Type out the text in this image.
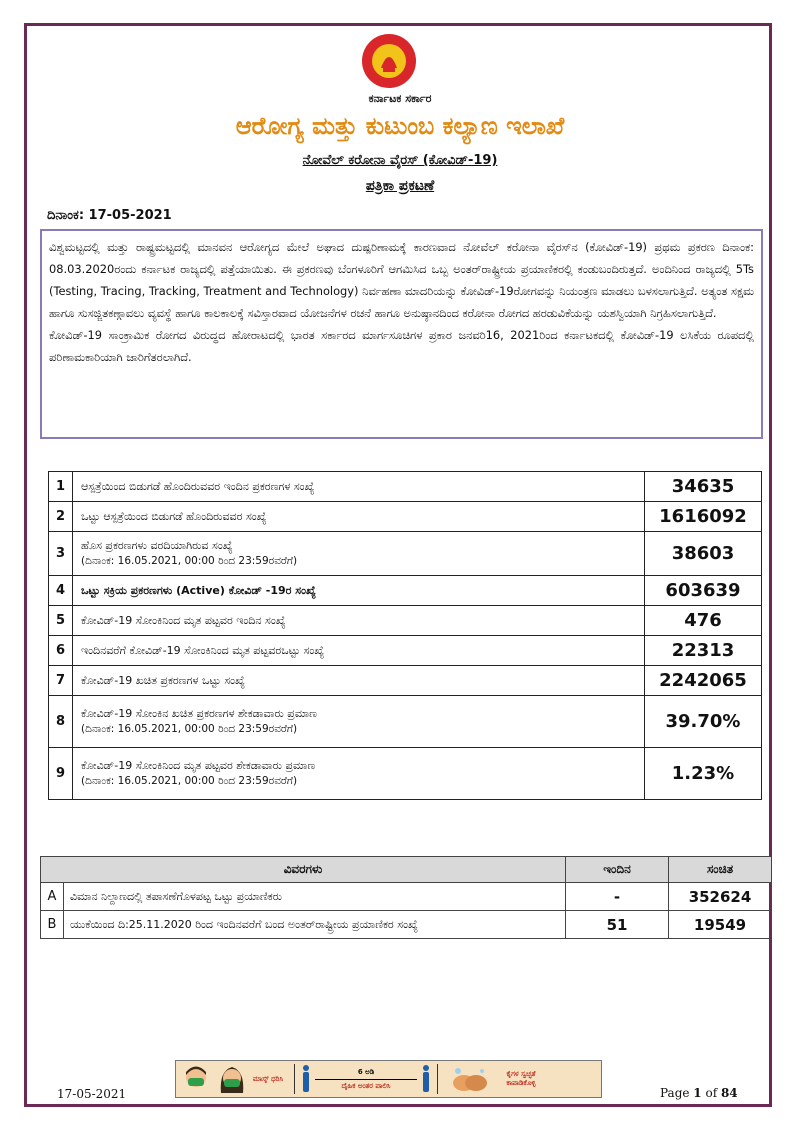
ಕರ್ನಾಟಕ ಸರ್ಕಾರ
ಆರೋಗ್ಯ ಮತ್ತು ಕುಟುಂಬ ಕಲ್ಯಾಣ ಇಲಾಖೆ
ನೋವೆಲ್ ಕರೋನಾ ವೈರಸ್ (ಕೋವಿಡ್-19)
ಪತ್ರಿಕಾ ಪ್ರಕಟಣೆ
ದಿನಾಂಕ: 17-05-2021

ವಿಶ್ವಮಟ್ಟದಲ್ಲಿ ಮತ್ತು ರಾಷ್ಟ್ರಮಟ್ಟದಲ್ಲಿ ಮಾನವನ ಆರೋಗ್ಯದ ಮೇಲೆ ಅಘಾದ ದುಷ್ಪರಿಣಾಮಕ್ಕೆ ಕಾರಣವಾದ ನೋವೆಲ್ ಕರೋನಾ ವೈರಸ್‌ನ (ಕೋವಿಡ್-19) ಪ್ರಥಮ ಪ್ರಕರಣ ದಿನಾಂಕ: 08.03.2020ರಂದು ಕರ್ನಾಟಕ ರಾಜ್ಯದಲ್ಲಿ ಪತ್ತೆಯಾಯಿತು. ಈ ಪ್ರಕರಣವು ಬೆಂಗಳೂರಿಗೆ ಆಗಮಿಸಿದ ಒಬ್ಬ ಅಂತರ್‌ರಾಷ್ಟ್ರೀಯ ಪ್ರಯಾಣಿಕರಲ್ಲಿ ಕಂಡುಬಂದಿರುತ್ತದೆ. ಅಂದಿನಿಂದ ರಾಜ್ಯದಲ್ಲಿ 5Ts (Testing, Tracing, Tracking, Treatment and Technology) ನಿರ್ವಹಣಾ ಮಾದರಿಯನ್ನು ಕೋವಿಡ್-19ರೋಗವನ್ನು ನಿಯಂತ್ರಣ ಮಾಡಲು ಬಳಸಲಾಗುತ್ತಿದೆ. ಅತ್ಯಂತ ಸಕ್ಷಮ ಹಾಗೂ ಸುಸಜ್ಜಿತಕಣ್ಗಾವಲು ವ್ಯವಸ್ಥೆ ಹಾಗೂ ಕಾಲಕಾಲಕ್ಕೆ ಸವಿಸ್ತಾರವಾದ ಯೋಜನೆಗಳ ರಚನೆ ಹಾಗೂ ಅನುಷ್ಠಾನದಿಂದ ಕರೋನಾ ರೋಗದ ಹರಡುವಿಕೆಯನ್ನು ಯಶಸ್ವಿಯಾಗಿ ನಿಗ್ರಹಿಸಲಾಗುತ್ತಿದೆ.

ಕೋವಿಡ್-19 ಸಾಂಕ್ರಾಮಿಕ ರೋಗದ ವಿರುದ್ಧದ ಹೋರಾಟದಲ್ಲಿ ಭಾರತ ಸರ್ಕಾರದ ಮಾರ್ಗಸೂಚಿಗಳ ಪ್ರಕಾರ ಜನವರಿ16, 2021ರಿಂದ ಕರ್ನಾಟಕದಲ್ಲಿ ಕೋವಿಡ್-19 ಲಸಿಕೆಯ ರೂಪದಲ್ಲಿ ಪರಿಣಾಮಕಾರಿಯಾಗಿ ಜಾರಿಗೆತರಲಾಗಿದೆ.

1	ಆಸ್ಪತ್ರೆಯಿಂದ ಬಿಡುಗಡೆ ಹೊಂದಿರುವವರ ಇಂದಿನ ಪ್ರಕರಣಗಳ ಸಂಖ್ಯೆ	34635
2	ಒಟ್ಟು ಆಸ್ಪತ್ರೆಯಿಂದ ಬಿಡುಗಡೆ ಹೊಂದಿರುವವರ ಸಂಖ್ಯೆ	1616092
3	ಹೊಸ ಪ್ರಕರಣಗಳು ವರದಿಯಾಗಿರುವ ಸಂಖ್ಯೆ
(ದಿನಾಂಕ: 16.05.2021, 00:00 ರಿಂದ 23:59ರವರೆಗೆ)	38603
4	ಒಟ್ಟು ಸಕ್ರಿಯ ಪ್ರಕರಣಗಳು (Active) ಕೋವಿಡ್ -19ರ ಸಂಖ್ಯೆ	603639
5	ಕೋವಿಡ್-19 ಸೋಂಕಿನಿಂದ ಮೃತ ಪಟ್ಟವರ ಇಂದಿನ ಸಂಖ್ಯೆ	476
6	ಇಂದಿನವರೆಗೆ ಕೋವಿಡ್-19 ಸೋಂಕಿನಿಂದ ಮೃತ ಪಟ್ಟವರಒಟ್ಟು ಸಂಖ್ಯೆ	22313
7	ಕೋವಿಡ್-19 ಖಚಿತ ಪ್ರಕರಣಗಳ ಒಟ್ಟು ಸಂಖ್ಯೆ	2242065
8	ಕೋವಿಡ್-19 ಸೋಂಕಿನ ಖಚಿತ ಪ್ರಕರಣಗಳ ಶೇಕಡಾವಾರು ಪ್ರಮಾಣ
(ದಿನಾಂಕ: 16.05.2021, 00:00 ರಿಂದ 23:59ರವರೆಗೆ)	39.70%
9	ಕೋವಿಡ್-19 ಸೋಂಕಿನಿಂದ ಮೃತ ಪಟ್ಟವರ ಶೇಕಡಾವಾರು ಪ್ರಮಾಣ
(ದಿನಾಂಕ: 16.05.2021, 00:00 ರಿಂದ 23:59ರವರೆಗೆ)	1.23%
ವಿವರಗಳು		ಇಂದಿನ	ಸಂಚಿತ
A	ವಿಮಾನ ನಿಲ್ದಾಣದಲ್ಲಿ ತಪಾಸಣೆಗೊಳಪಟ್ಟ ಒಟ್ಟು ಪ್ರಯಾಣಿಕರು	-	352624
B	ಯುಕೆಯಿಂದ ದಿ:25.11.2020 ರಿಂದ ಇಂದಿನವರೆಗೆ ಬಂದ ಅಂತರ್‌ರಾಷ್ಟ್ರೀಯ ಪ್ರಯಾಣಿಕರ ಸಂಖ್ಯೆ	51	19549
ಮಾಸ್ಕ್ ಧರಿಸಿ
6 ಅಡಿ
ದೈಹಿಕ ಅಂತರ ಪಾಲಿಸಿ
ಕೈಗಳ ಸ್ವಚ್ಛತೆ ಕಾಪಾಡಿಕೊಳ್ಳಿ
17-05-2021	Page 1 of 84
